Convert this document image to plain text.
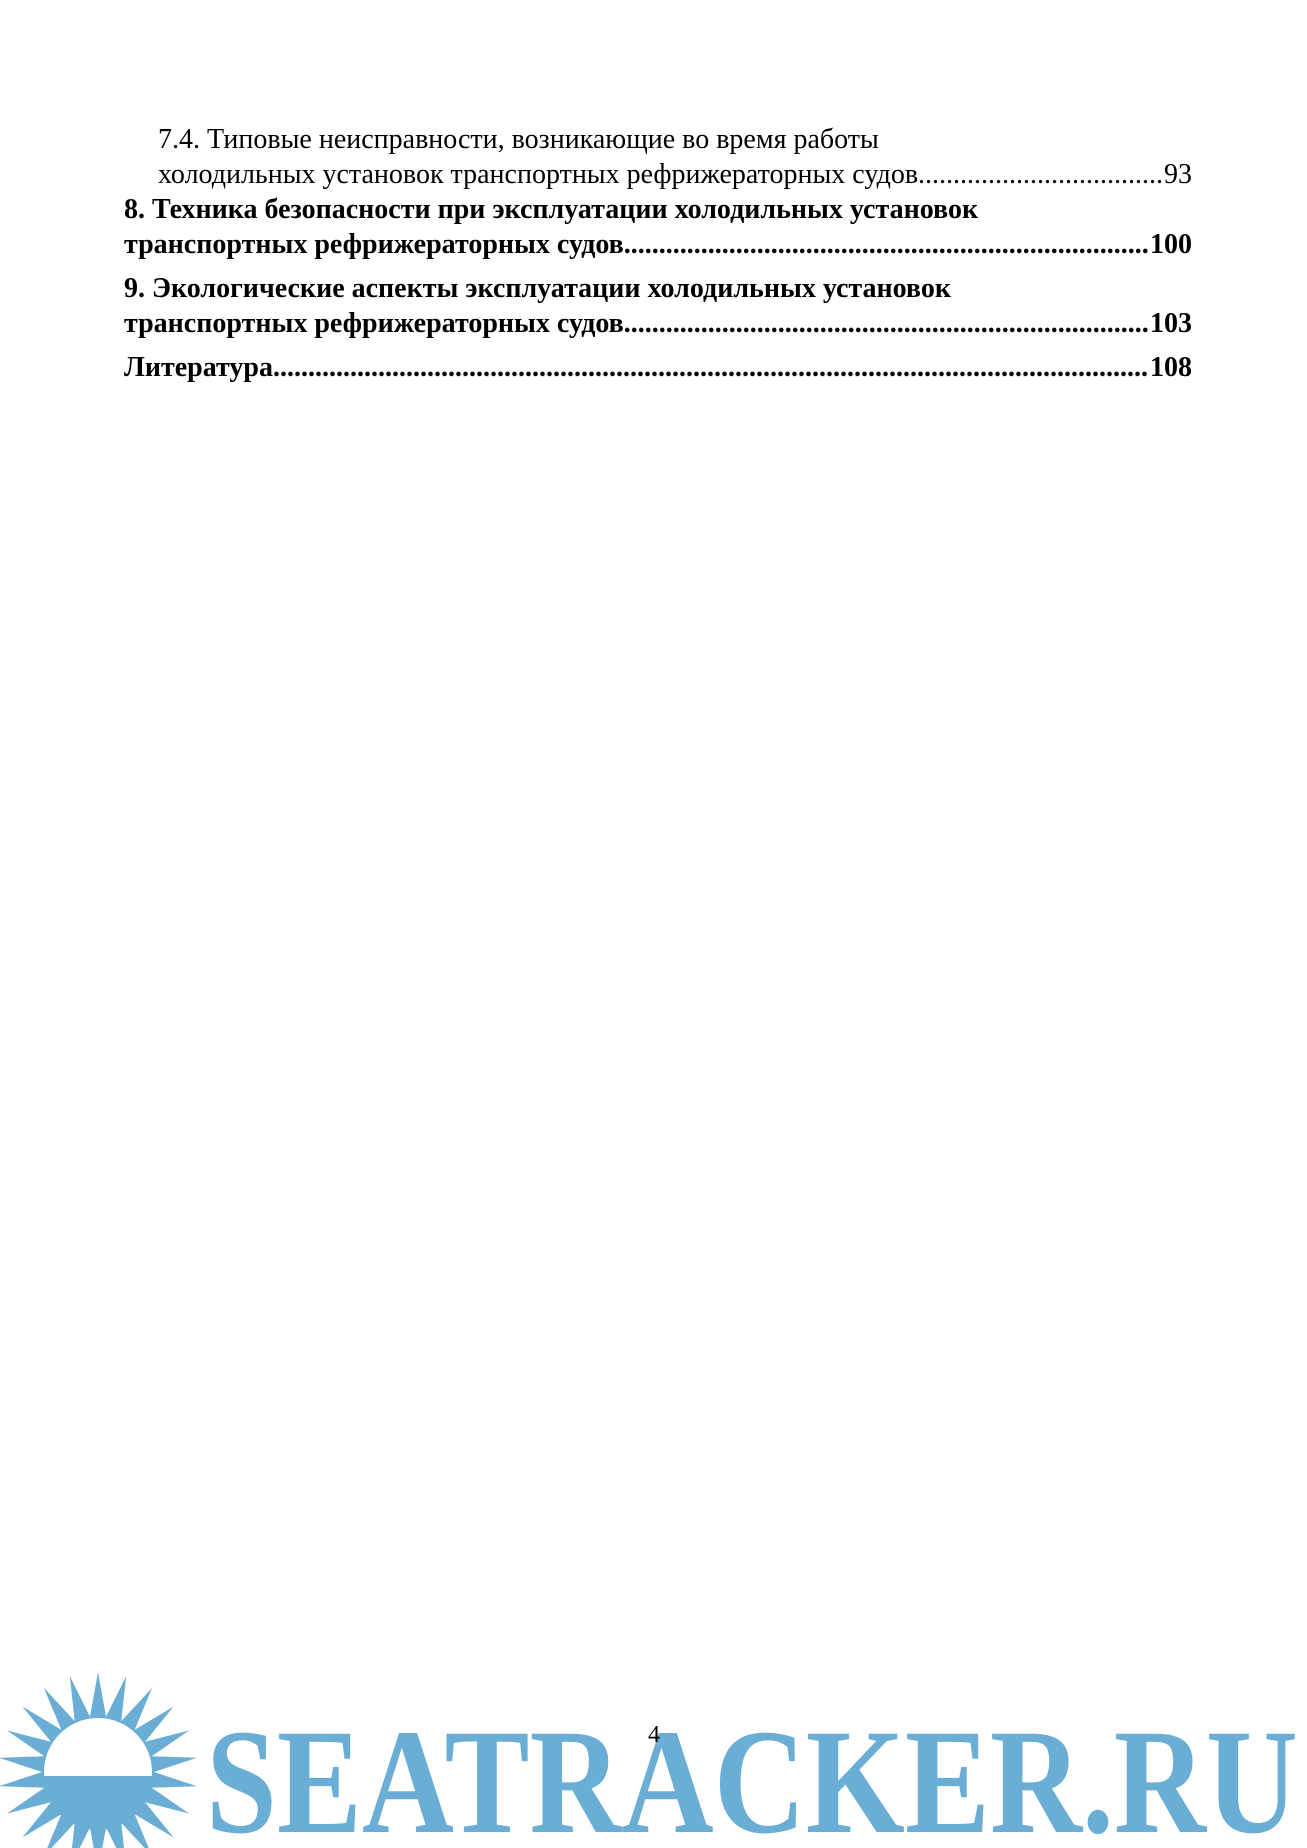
7.4. Типовые неисправности, возникающие во время работы
холодильных установок транспортных рефрижераторных судов .....	93
8. Техника безопасности при эксплуатации холодильных установок
транспортных рефрижераторных судов .....	100
9. Экологические аспекты эксплуатации холодильных установок
транспортных рефрижераторных судов .....	103
Литература .....	108
4
SEATRACKER.RU
